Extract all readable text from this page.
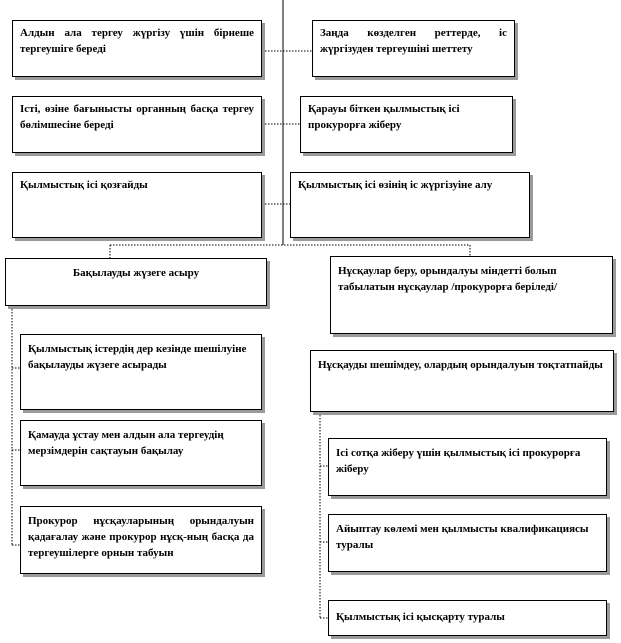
Алдын ала тергеу жүргізу үшін бірнеше тергеушіге береді
Істі, өзіне бағынысты органның басқа тергеу бөлімшесіне береді
Қылмыстық ісі қозғайды
Заңда көзделген реттерде, іс жүргізуден тергеушіні шеттету
Қарауы біткен қылмыстық ісі прокурорға жіберу
Қылмыстық ісі өзінің іс жүргізуіне алу
Бақылауды жүзеге асыру	Нұсқаулар беру, орындалуы міндетті болып табылатын нұсқаулар /прокурорға беріледі/
Қылмыстық істердің дер кезінде шешілуіне бақылауды жүзеге асырады
Қамауда ұстау мен алдын ала тергеудің мерзімдерін сақтауын бақылау
Прокурор нұсқауларының орындалуын қадағалау және прокурор нұсқ-ның басқа да тергеушілерге орнын табуын
Нұсқауды шешімдеу, олардың орындалуын тоқтатпайды
Ісі сотқа жіберу үшін қылмыстық ісі прокурорға жіберу
Айыптау көлемі мен қылмысты квалификациясы туралы
Қылмыстық ісі қысқарту туралы
